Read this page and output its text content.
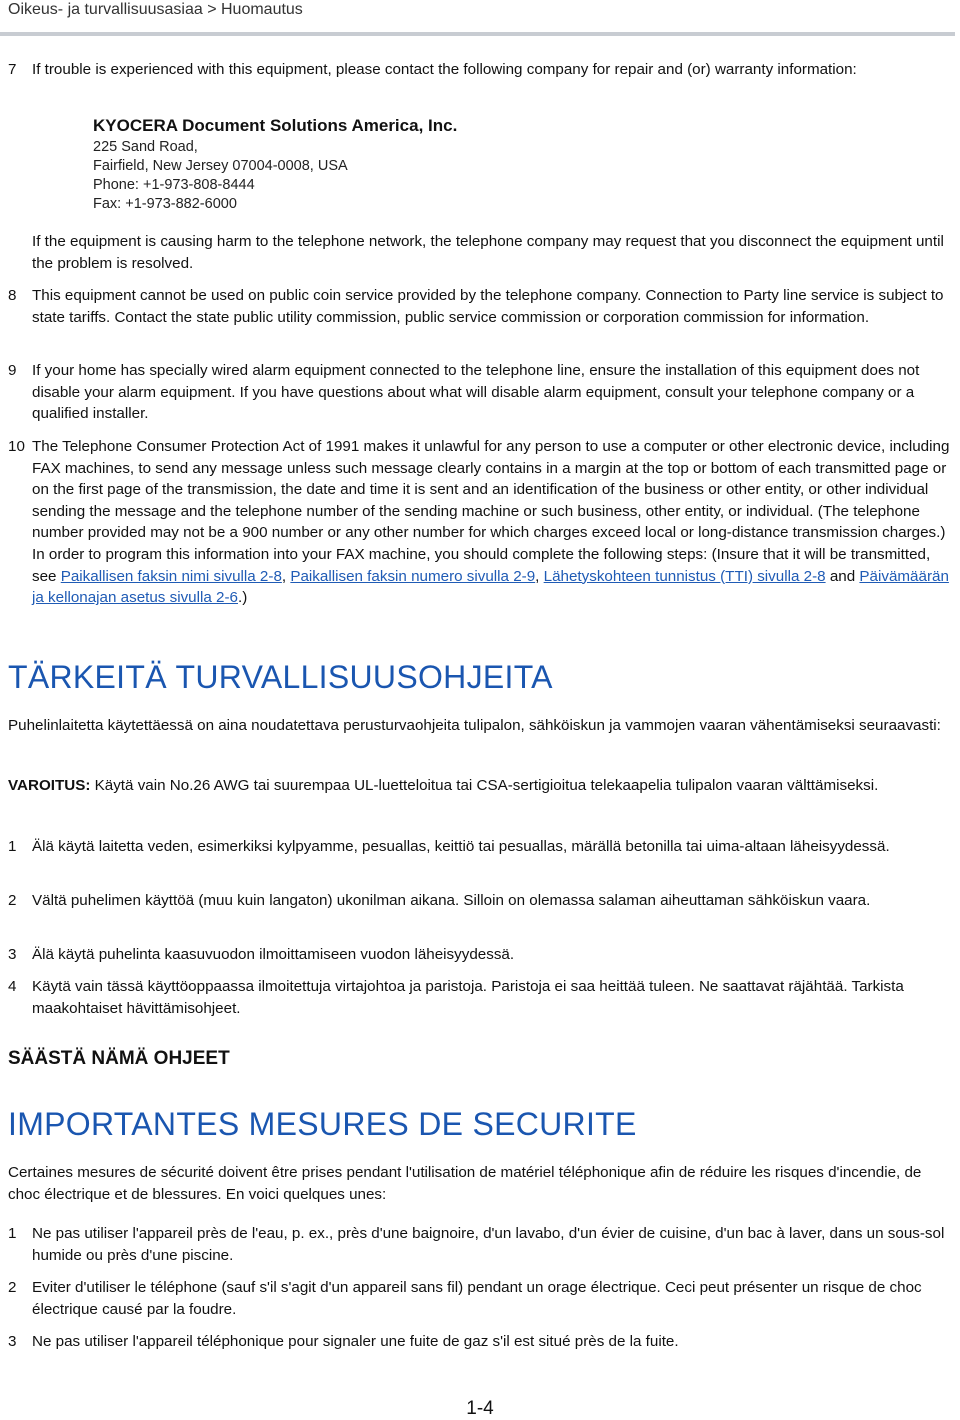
Oikeus- ja turvallisuusasiaa > Huomautus
7 If trouble is experienced with this equipment, please contact the following company for repair and (or) warranty information:
KYOCERA Document Solutions America, Inc.
225 Sand Road,
Fairfield, New Jersey 07004-0008, USA
Phone: +1-973-808-8444
Fax: +1-973-882-6000
If the equipment is causing harm to the telephone network, the telephone company may request that you disconnect the equipment until the problem is resolved.
8 This equipment cannot be used on public coin service provided by the telephone company. Connection to Party line service is subject to state tariffs. Contact the state public utility commission, public service commission or corporation commission for information.
9 If your home has specially wired alarm equipment connected to the telephone line, ensure the installation of this equipment does not disable your alarm equipment. If you have questions about what will disable alarm equipment, consult your telephone company or a qualified installer.
10 The Telephone Consumer Protection Act of 1991 makes it unlawful for any person to use a computer or other electronic device, including FAX machines, to send any message unless such message clearly contains in a margin at the top or bottom of each transmitted page or on the first page of the transmission, the date and time it is sent and an identification of the business or other entity, or other individual sending the message and the telephone number of the sending machine or such business, other entity, or individual. (The telephone number provided may not be a 900 number or any other number for which charges exceed local or long-distance transmission charges.)
In order to program this information into your FAX machine, you should complete the following steps: (Insure that it will be transmitted, see Paikallisen faksin nimi sivulla 2-8, Paikallisen faksin numero sivulla 2-9, Lähetyskohteen tunnistus (TTI) sivulla 2-8 and Päivämäärän ja kellonajan asetus sivulla 2-6.)
TÄRKEITÄ TURVALLISUUSOHJEITA
Puhelinlaitetta käytettäessä on aina noudatettava perusturvaohjeita tulipalon, sähköiskun ja vammojen vaaran vähentämiseksi seuraavasti:
VAROITUS: Käytä vain No.26 AWG tai suurempaa UL-luetteloitua tai CSA-sertigioitua telekaapelia tulipalon vaaran välttämiseksi.
1 Älä käytä laitetta veden, esimerkiksi kylpyamme, pesuallas, keittiö tai pesuallas, märällä betonilla tai uima-altaan läheisyydessä.
2 Vältä puhelimen käyttöä (muu kuin langaton) ukonilman aikana. Silloin on olemassa salaman aiheuttaman sähköiskun vaara.
3 Älä käytä puhelinta kaasuvuodon ilmoittamiseen vuodon läheisyydessä.
4 Käytä vain tässä käyttöoppaassa ilmoitettuja virtajohtoa ja paristoja. Paristoja ei saa heittää tuleen. Ne saattavat räjähtää. Tarkista maakohtaiset hävittämisohjeet.
SÄÄSTÄ NÄMÄ OHJEET
IMPORTANTES MESURES DE SECURITE
Certaines mesures de sécurité doivent être prises pendant l'utilisation de matériel téléphonique afin de réduire les risques d'incendie, de choc électrique et de blessures. En voici quelques unes:
1 Ne pas utiliser l'appareil près de l'eau, p. ex., près d'une baignoire, d'un lavabo, d'un évier de cuisine, d'un bac à laver, dans un sous-sol humide ou près d'une piscine.
2 Eviter d'utiliser le téléphone (sauf s'il s'agit d'un appareil sans fil) pendant un orage électrique. Ceci peut présenter un risque de choc électrique causé par la foudre.
3 Ne pas utiliser l'appareil téléphonique pour signaler une fuite de gaz s'il est situé près de la fuite.
1-4
